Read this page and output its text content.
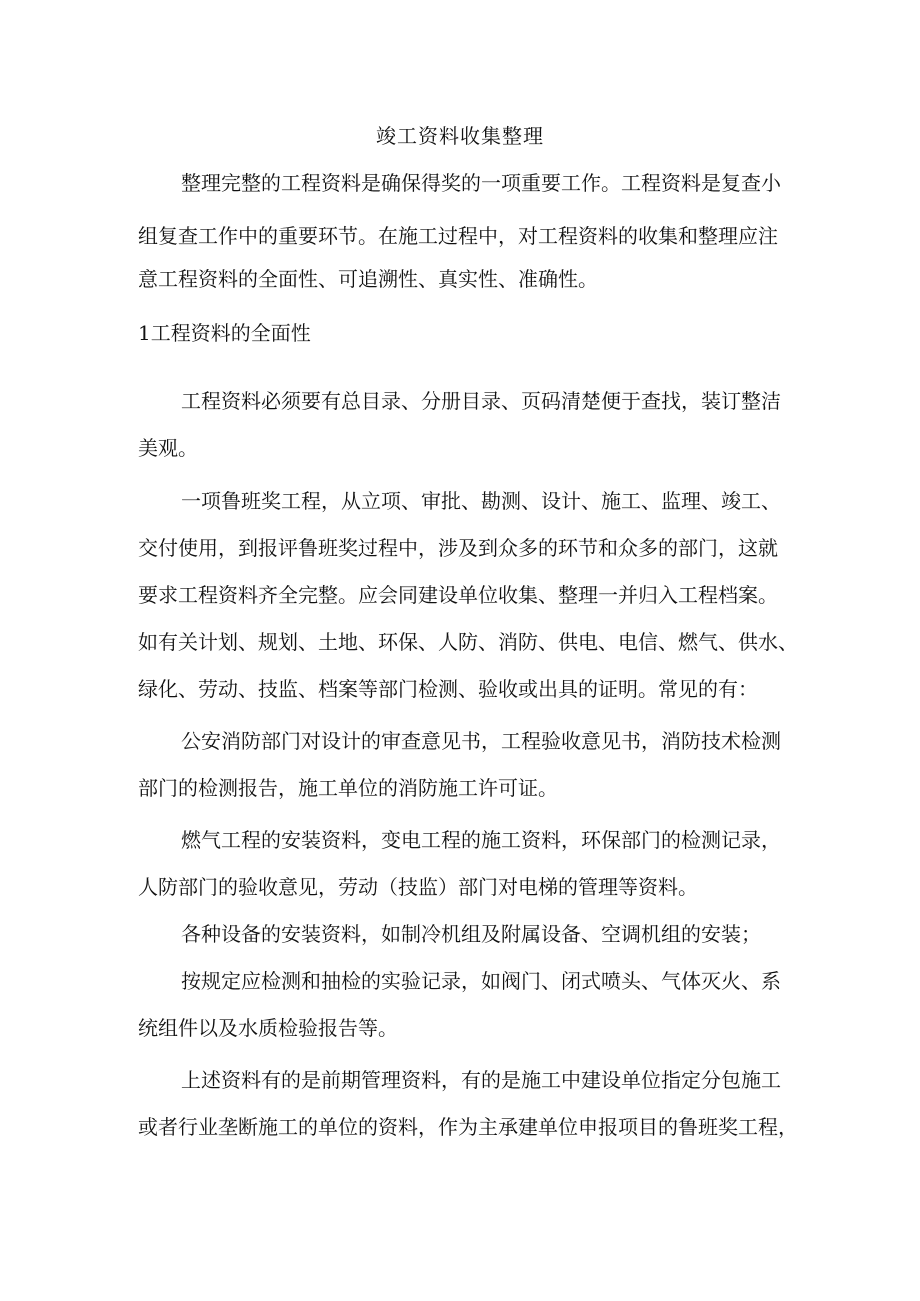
竣工资料收集整理
整理完整的工程资料是确保得奖的一项重要工作。工程资料是复查小
组复查工作中的重要环节。在施工过程中，对工程资料的收集和整理应注
意工程资料的全面性、可追溯性、真实性、准确性。
1工程资料的全面性
工程资料必须要有总目录、分册目录、页码清楚便于查找，装订整洁
美观。
一项鲁班奖工程，从立项、审批、勘测、设计、施工、监理、竣工、
交付使用，到报评鲁班奖过程中，涉及到众多的环节和众多的部门，这就
要求工程资料齐全完整。应会同建设单位收集、整理一并归入工程档案。
如有关计划、规划、土地、环保、人防、消防、供电、电信、燃气、供水、
绿化、劳动、技监、档案等部门检测、验收或出具的证明。常见的有：
公安消防部门对设计的审查意见书，工程验收意见书，消防技术检测
部门的检测报告，施工单位的消防施工许可证。
燃气工程的安装资料，变电工程的施工资料，环保部门的检测记录，
人防部门的验收意见，劳动（技监）部门对电梯的管理等资料。
各种设备的安装资料，如制冷机组及附属设备、空调机组的安装；
按规定应检测和抽检的实验记录，如阀门、闭式喷头、气体灭火、系
统组件以及水质检验报告等。
上述资料有的是前期管理资料，有的是施工中建设单位指定分包施工
或者行业垄断施工的单位的资料，作为主承建单位申报项目的鲁班奖工程，
